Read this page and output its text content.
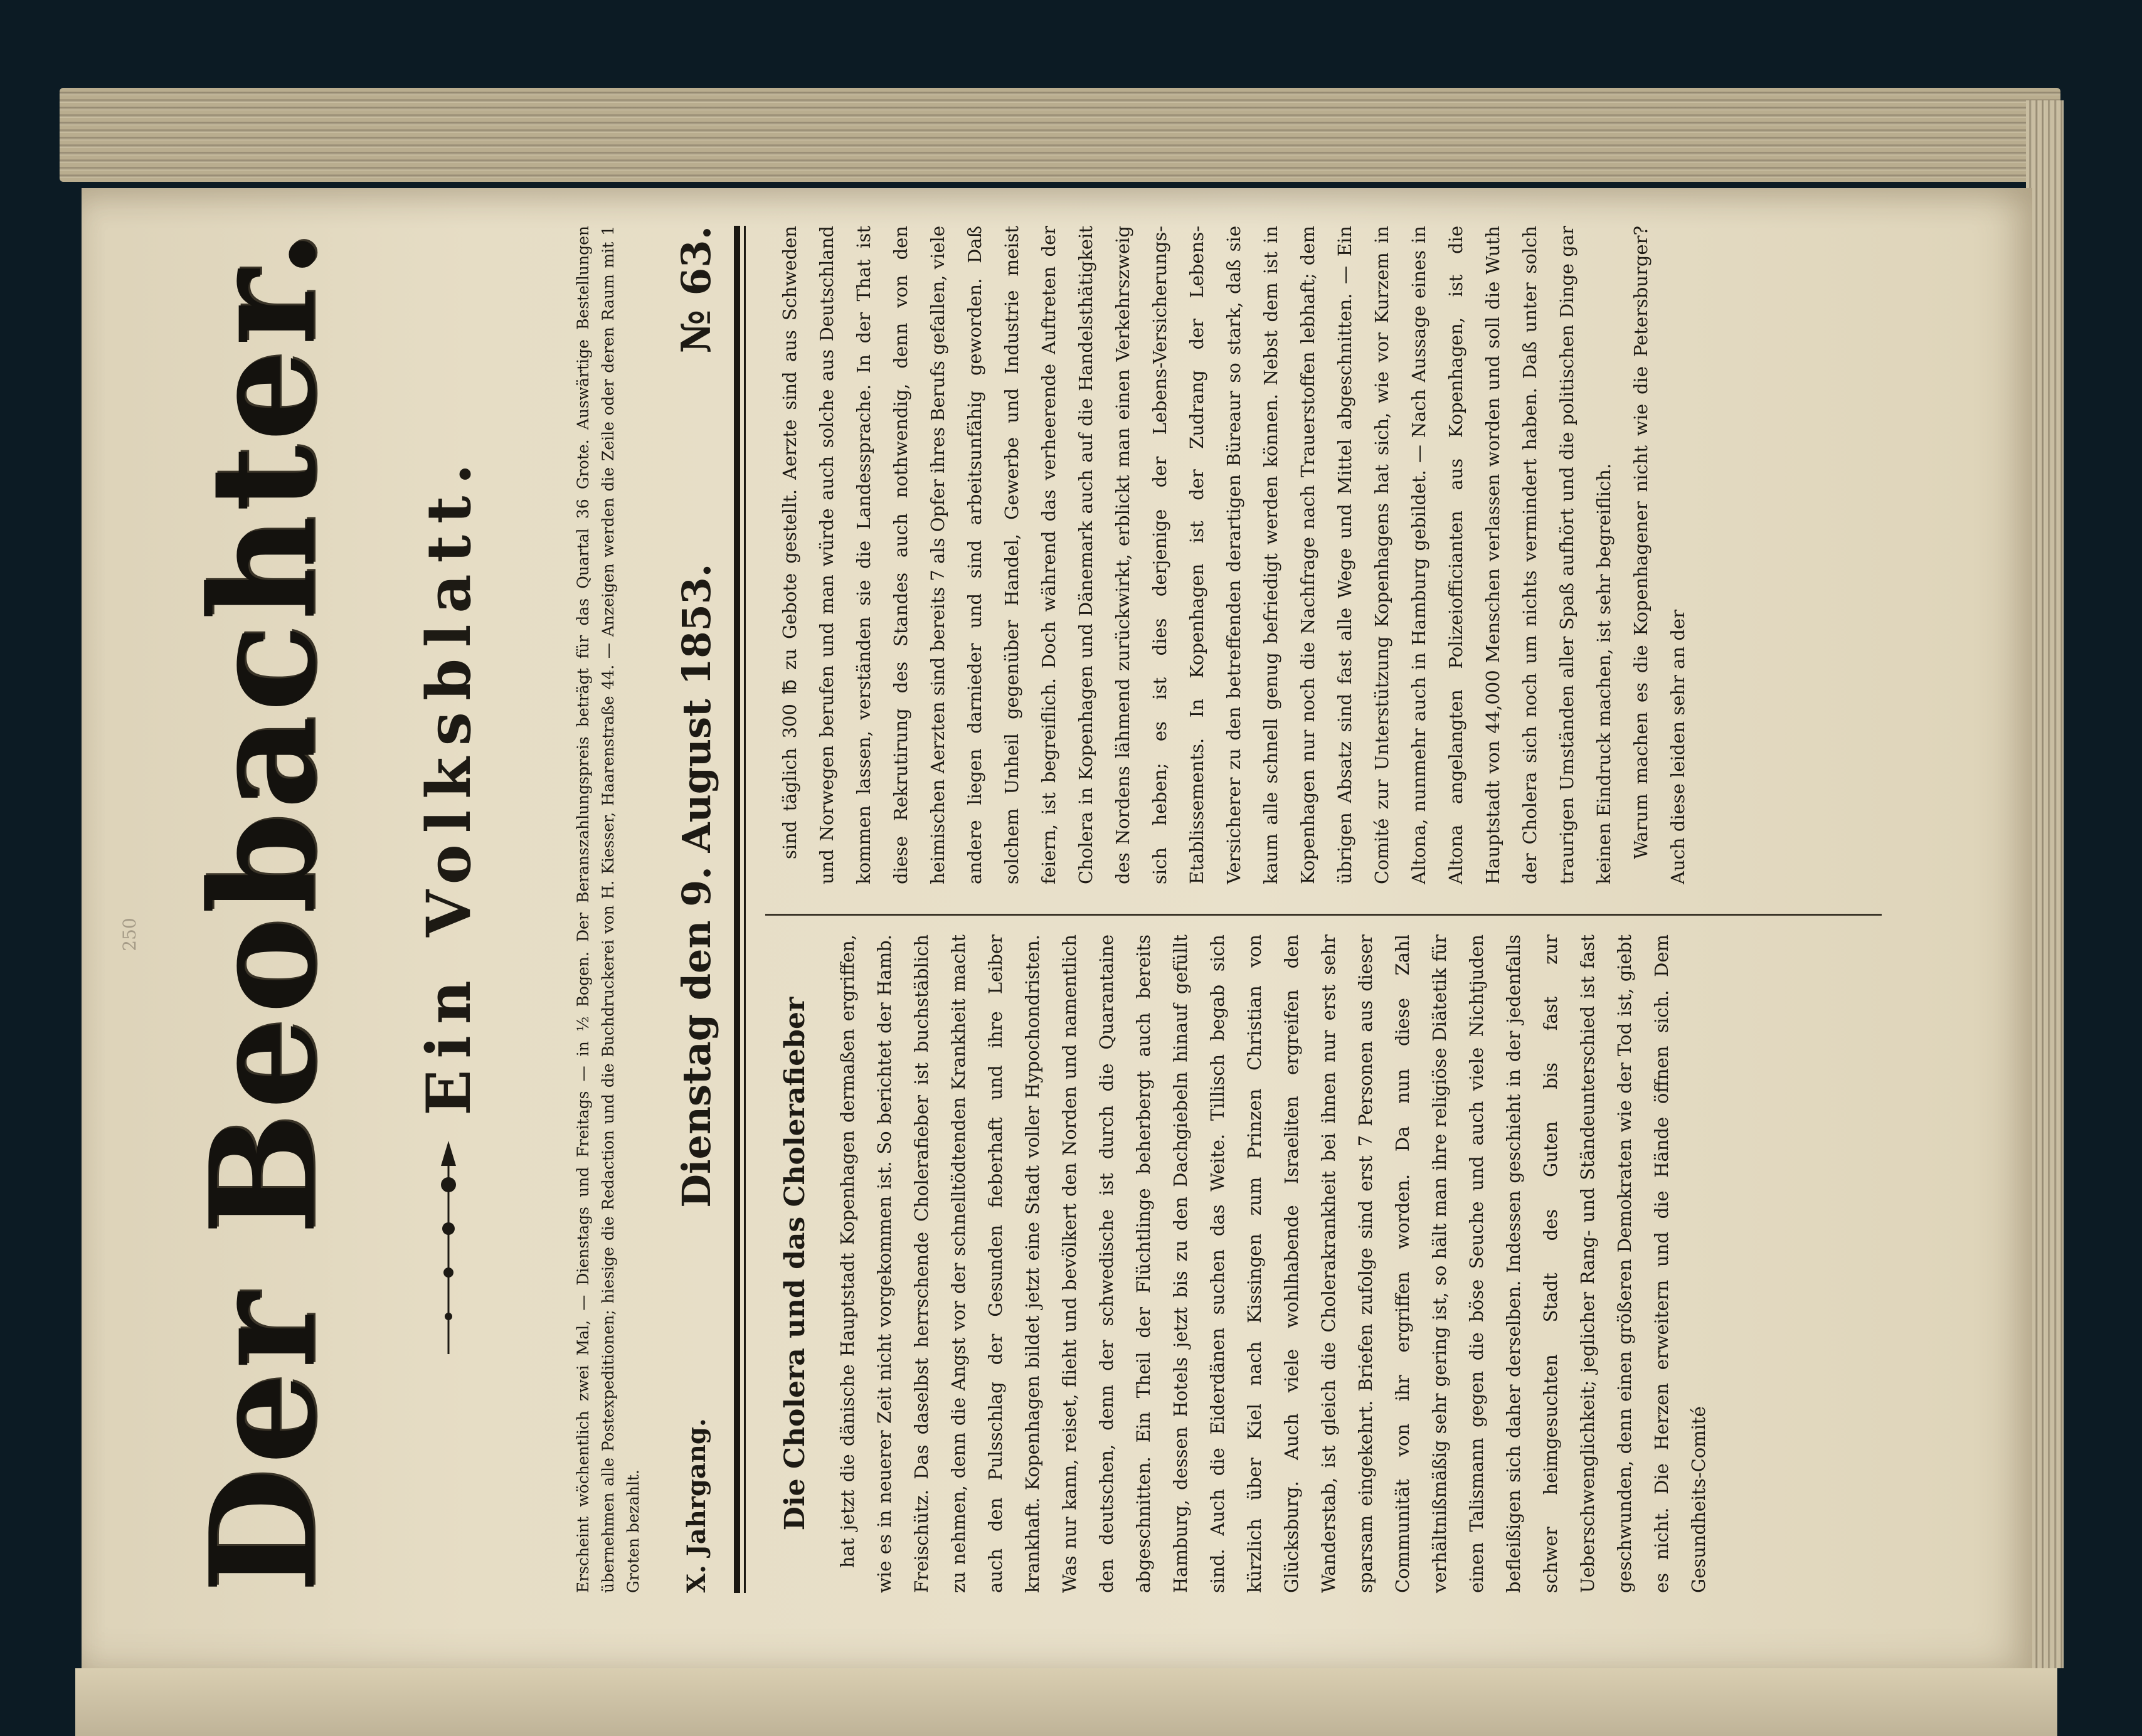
250 Der Beobachter. Ein Volksblatt.	Erscheint wöchentlich zwei Mal, — Dienstags und Freitags — in ½ Bogen. Der Beranszahlungspreis beträgt für das Quartal 36 Grote. Auswärtige Bestellungen übernehmen alle Postexpeditionen; hiesige die Redaction und die Buchdruckerei von H. Kiesser, Haarenstraße 44. — Anzeigen werden die Zeile oder deren Raum mit 1 Groten bezahlt. X. Jahrgang.
Dienstag den 9. August 1853.
№ 63.
Die Cholera und das Cholerafieber	hat jetzt die dänische Hauptstadt Kopenhagen dermaßen ergriffen, wie es in neuerer Zeit nicht vorgekommen ist. So berichtet der Hamb. Freischütz. Das daselbst herrschende Cholerafieber ist buchstäblich zu nehmen, denn die Angst vor der schnelltödtenden Krankheit macht auch den Pulsschlag der Gesunden fieberhaft und ihre Leiber krankhaft. Kopenhagen bildet jetzt eine Stadt voller Hypochondristen. Was nur kann, reiset, flieht und bevölkert den Norden und namentlich den deutschen, denn der schwedische ist durch die Quarantaine abgeschnitten. Ein Theil der Flüchtlinge beherbergt auch bereits Hamburg, dessen Hotels jetzt bis zu den Dachgiebeln hinauf gefüllt sind. Auch die Eiderdänen suchen das Weite. Tillisch begab sich kürzlich über Kiel nach Kissingen zum Prinzen Christian von Glücksburg. Auch viele wohlhabende Israeliten ergreifen den Wanderstab, ist gleich die Cholerakrankheit bei ihnen nur erst sehr sparsam eingekehrt. Briefen zufolge sind erst 7 Personen aus dieser Communität von ihr ergriffen worden. Da nun diese Zahl verhältnißmäßig sehr gering ist, so hält man ihre religiöse Diätetik für einen Talismann gegen die böse Seuche und auch viele Nichtjuden befleißigen sich daher derselben. Indessen geschieht in der jedenfalls schwer heimgesuchten Stadt des Guten bis fast zur Ueberschwenglichkeit; jeglicher Rang- und Ständeunterschied ist fast geschwunden, denn einen größeren Demokraten wie der Tod ist, giebt es nicht. Die Herzen erweitern und die Hände öffnen sich. Dem Gesundheits-Comité

sind täglich 300 ℔ zu Gebote gestellt. Aerzte sind aus Schweden und Norwegen berufen und man würde auch solche aus Deutschland kommen lassen, verständen sie die Landessprache. In der That ist diese Rekrutirung des Standes auch nothwendig, denn von den heimischen Aerzten sind bereits 7 als Opfer ihres Berufs gefallen, viele andere liegen darnieder und sind arbeitsunfähig geworden. Daß solchem Unheil gegenüber Handel, Gewerbe und Industrie meist feiern, ist begreiflich. Doch während das verheerende Auftreten der Cholera in Kopenhagen und Dänemark auch auf die Handelsthätigkeit des Nordens lähmend zurückwirkt, erblickt man einen Verkehrszweig sich heben; es ist dies derjenige der Lebens-Versicherungs-Etablissements. In Kopenhagen ist der Zudrang der Lebens-Versicherer zu den betreffenden derartigen Büreaur so stark, daß sie kaum alle schnell genug befriedigt werden können. Nebst dem ist in Kopenhagen nur noch die Nachfrage nach Trauerstoffen lebhaft; dem übrigen Absatz sind fast alle Wege und Mittel abgeschnitten. — Ein Comité zur Unterstützung Kopenhagens hat sich, wie vor Kurzem in Altona, nunmehr auch in Hamburg gebildet. — Nach Aussage eines in Altona angelangten Polizeiofficianten aus Kopenhagen, ist die Hauptstadt von 44,000 Menschen verlassen worden und soll die Wuth der Cholera sich noch um nichts vermindert haben. Daß unter solch traurigen Umständen aller Spaß aufhört und die politischen Dinge gar keinen Eindruck machen, ist sehr begreiflich. Warum machen es die Kopenhagener nicht wie die Petersburger? Auch diese leiden sehr an der
